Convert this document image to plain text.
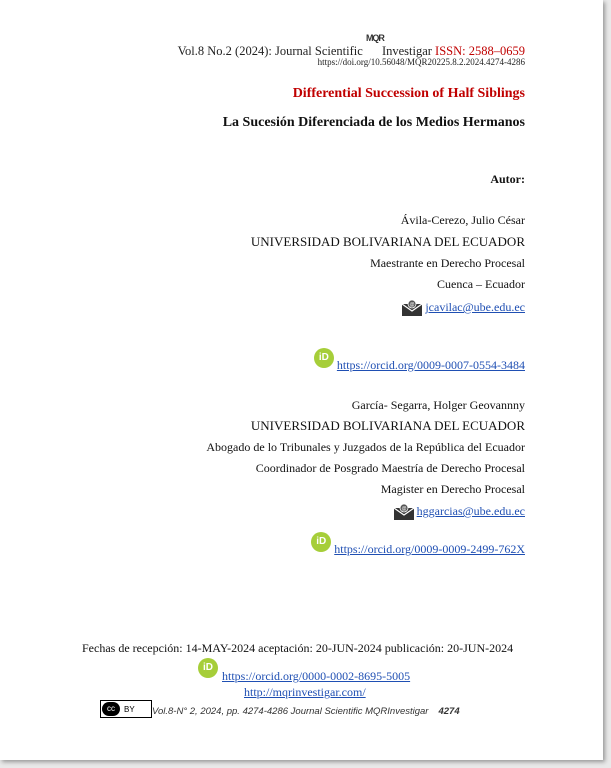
Vol.8 No.2 (2024): Journal Scientific
MQR
Investigar ISSN: 2588–0659
https://doi.org/10.56048/MQR20225.8.2.2024.4274-4286
Differential Succession of Half Siblings
La Sucesión Diferenciada de los Medios Hermanos
Autor:
Ávila-Cerezo, Julio César
UNIVERSIDAD BOLIVARIANA DEL ECUADOR
Maestrante en Derecho Procesal
Cuenca – Ecuador
@ jcavilac@ube.edu.ec
iD https://orcid.org/0009-0007-0554-3484
García- Segarra, Holger Geovannny
UNIVERSIDAD BOLIVARIANA DEL ECUADOR
Abogado de lo Tribunales y Juzgados de la República del Ecuador
Coordinador de Posgrado Maestría de Derecho Procesal
Magister en Derecho Procesal
@ hggarcias@ube.edu.ec
iD https://orcid.org/0009-0009-2499-762X
Fechas de recepción: 14-MAY-2024 aceptación: 20-JUN-2024 publicación: 20-JUN-2024
iD $_{https://orcid.org/0000-0002-8695-5005}$
http://mqrinvestigar.com/
cc	BY Vol.8-N° 2, 2024, pp. 4274-4286 Journal Scientific MQRInvestigar 4274
